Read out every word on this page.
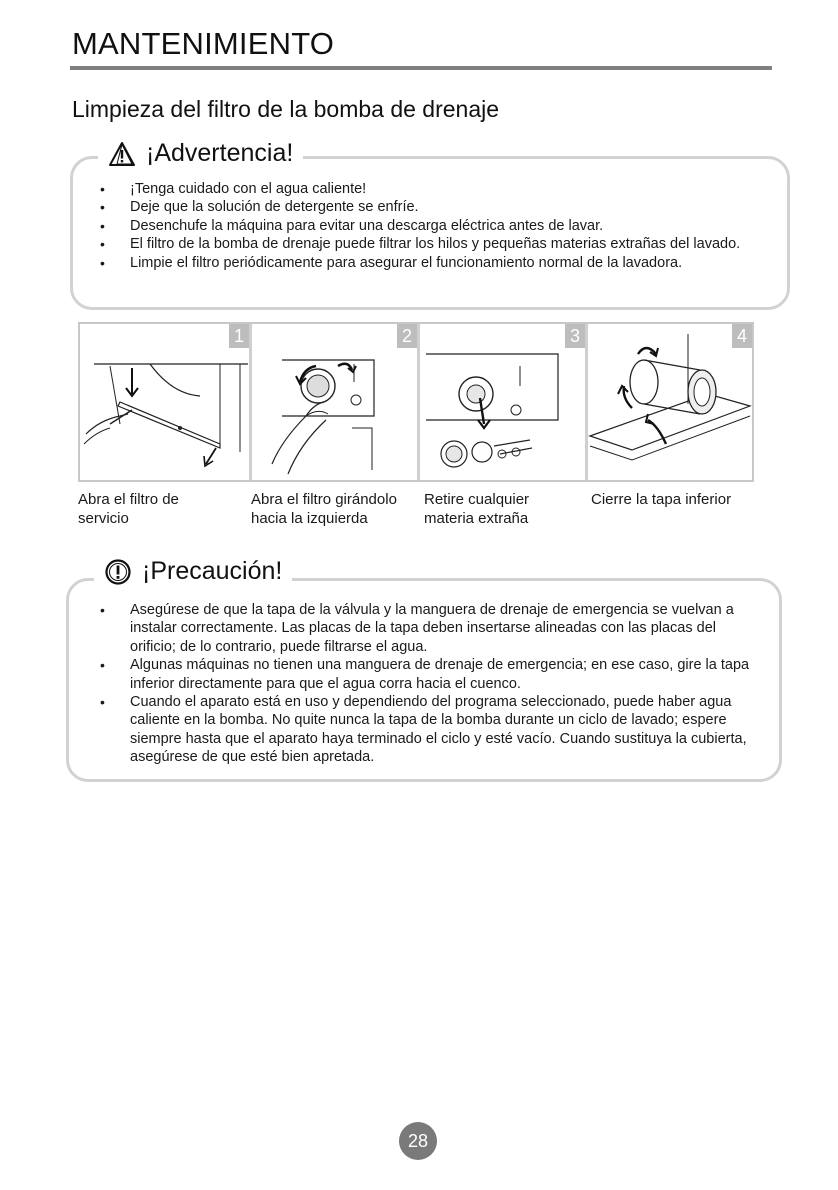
MANTENIMIENTO
Limpieza del filtro de la bomba de drenaje
¡Advertencia!
• ¡Tenga cuidado con el agua caliente!
• Deje que la solución de detergente se enfríe.
• Desenchufe la máquina para evitar una descarga eléctrica antes de lavar.
• El filtro de la bomba de drenaje puede filtrar los hilos y pequeñas materias extrañas del lavado.
• Limpie el filtro periódicamente para asegurar el funcionamiento normal de la lavadora.
1	2	3	4
Abra el filtro de
servicio
Abra el filtro girándolo
hacia la izquierda
Retire cualquier
materia extraña
Cierre la tapa inferior
¡Precaución!
• Asegúrese de que la tapa de la válvula y la manguera de drenaje de emergencia se vuelvan a instalar correctamente. Las placas de la tapa deben insertarse alineadas con las placas del orificio; de lo contrario, puede filtrarse el agua.
• Algunas máquinas no tienen una manguera de drenaje de emergencia; en ese caso, gire la tapa inferior directamente para que el agua corra hacia el cuenco.
• Cuando el aparato está en uso y dependiendo del programa seleccionado, puede haber agua caliente en la bomba. No quite nunca la tapa de la bomba durante un ciclo de lavado; espere siempre hasta que el aparato haya terminado el ciclo y esté vacío. Cuando sustituya la cubierta, asegúrese de que esté bien apretada.
28
